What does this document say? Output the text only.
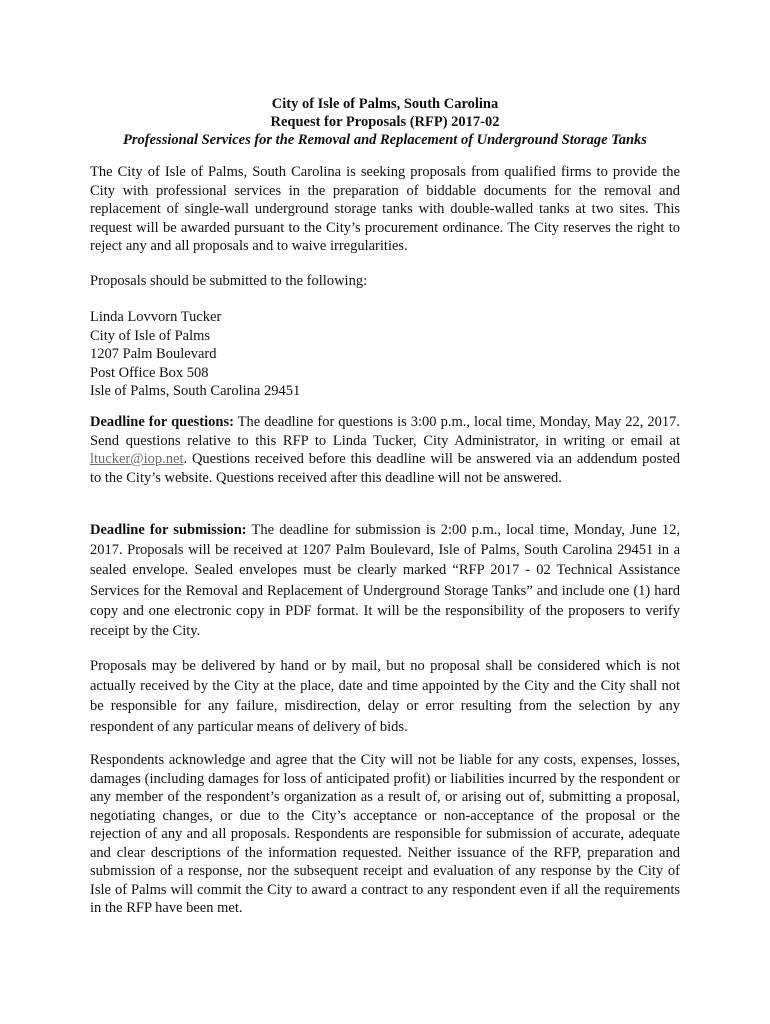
City of Isle of Palms, South Carolina
Request for Proposals (RFP) 2017-02
Professional Services for the Removal and Replacement of Underground Storage Tanks

The City of Isle of Palms, South Carolina is seeking proposals from qualified firms to provide the City with professional services in the preparation of biddable documents for the removal and replacement of single-wall underground storage tanks with double-walled tanks at two sites. This request will be awarded pursuant to the City’s procurement ordinance. The City reserves the right to reject any and all proposals and to waive irregularities.

Proposals should be submitted to the following:

Linda Lovvorn Tucker
City of Isle of Palms
1207 Palm Boulevard
Post Office Box 508
Isle of Palms, South Carolina 29451

Deadline for questions: The deadline for questions is 3:00 p.m., local time, Monday, May 22, 2017. Send questions relative to this RFP to Linda Tucker, City Administrator, in writing or email at ltucker@iop.net. Questions received before this deadline will be answered via an addendum posted to the City’s website. Questions received after this deadline will not be answered.

Deadline for submission: The deadline for submission is 2:00 p.m., local time, Monday, June 12, 2017. Proposals will be received at 1207 Palm Boulevard, Isle of Palms, South Carolina 29451 in a sealed envelope. Sealed envelopes must be clearly marked “RFP 2017 - 02 Technical Assistance Services for the Removal and Replacement of Underground Storage Tanks” and include one (1) hard copy and one electronic copy in PDF format. It will be the responsibility of the proposers to verify receipt by the City.

Proposals may be delivered by hand or by mail, but no proposal shall be considered which is not actually received by the City at the place, date and time appointed by the City and the City shall not be responsible for any failure, misdirection, delay or error resulting from the selection by any respondent of any particular means of delivery of bids.

Respondents acknowledge and agree that the City will not be liable for any costs, expenses, losses, damages (including damages for loss of anticipated profit) or liabilities incurred by the respondent or any member of the respondent’s organization as a result of, or arising out of, submitting a proposal, negotiating changes, or due to the City’s acceptance or non-acceptance of the proposal or the rejection of any and all proposals. Respondents are responsible for submission of accurate, adequate and clear descriptions of the information requested. Neither issuance of the RFP, preparation and submission of a response, nor the subsequent receipt and evaluation of any response by the City of Isle of Palms will commit the City to award a contract to any respondent even if all the requirements in the RFP have been met.
